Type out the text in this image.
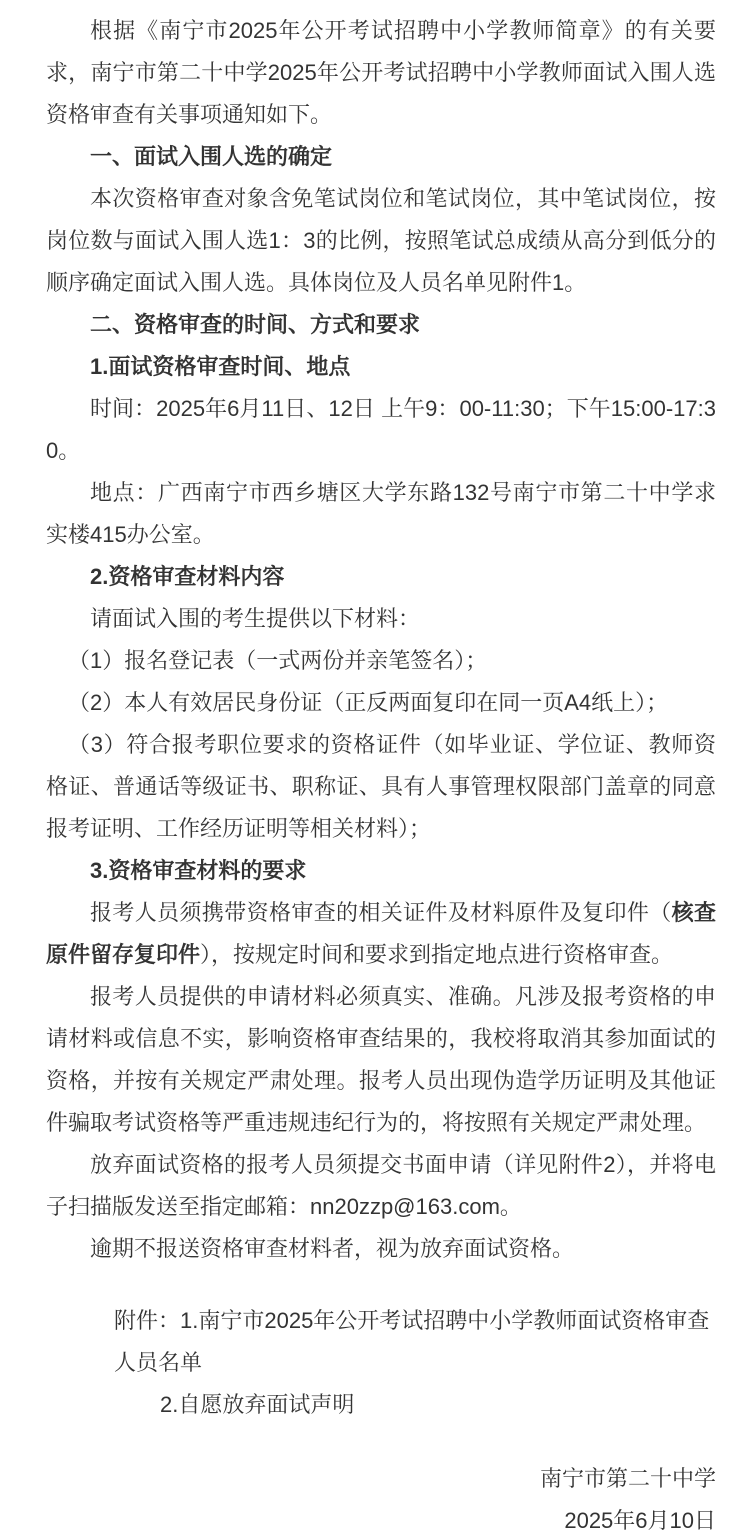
根据《南宁市2025年公开考试招聘中小学教师简章》的有关要求，南宁市第二十中学2025年公开考试招聘中小学教师面试入围人选资格审查有关事项通知如下。
一、面试入围人选的确定
本次资格审查对象含免笔试岗位和笔试岗位，其中笔试岗位，按岗位数与面试入围人选1：3的比例，按照笔试总成绩从高分到低分的顺序确定面试入围人选。具体岗位及人员名单见附件1。
二、资格审查的时间、方式和要求
1.面试资格审查时间、地点
时间：2025年6月11日、12日 上午9：00-11:30；下午15:00-17:30。
地点：广西南宁市西乡塘区大学东路132号南宁市第二十中学求实楼415办公室。
2.资格审查材料内容
请面试入围的考生提供以下材料：
（1）报名登记表（一式两份并亲笔签名）；
（2）本人有效居民身份证（正反两面复印在同一页A4纸上）；
（3）符合报考职位要求的资格证件（如毕业证、学位证、教师资格证、普通话等级证书、职称证、具有人事管理权限部门盖章的同意报考证明、工作经历证明等相关材料）；
3.资格审查材料的要求
报考人员须携带资格审查的相关证件及材料原件及复印件（核查原件留存复印件），按规定时间和要求到指定地点进行资格审查。
报考人员提供的申请材料必须真实、准确。凡涉及报考资格的申请材料或信息不实，影响资格审查结果的，我校将取消其参加面试的资格，并按有关规定严肃处理。报考人员出现伪造学历证明及其他证件骗取考试资格等严重违规违纪行为的，将按照有关规定严肃处理。
放弃面试资格的报考人员须提交书面申请（详见附件2），并将电子扫描版发送至指定邮箱：nn20zzp@163.com。
逾期不报送资格审查材料者，视为放弃面试资格。
附件：1.南宁市2025年公开考试招聘中小学教师面试资格审查人员名单
2.自愿放弃面试声明
南宁市第二十中学
2025年6月10日
